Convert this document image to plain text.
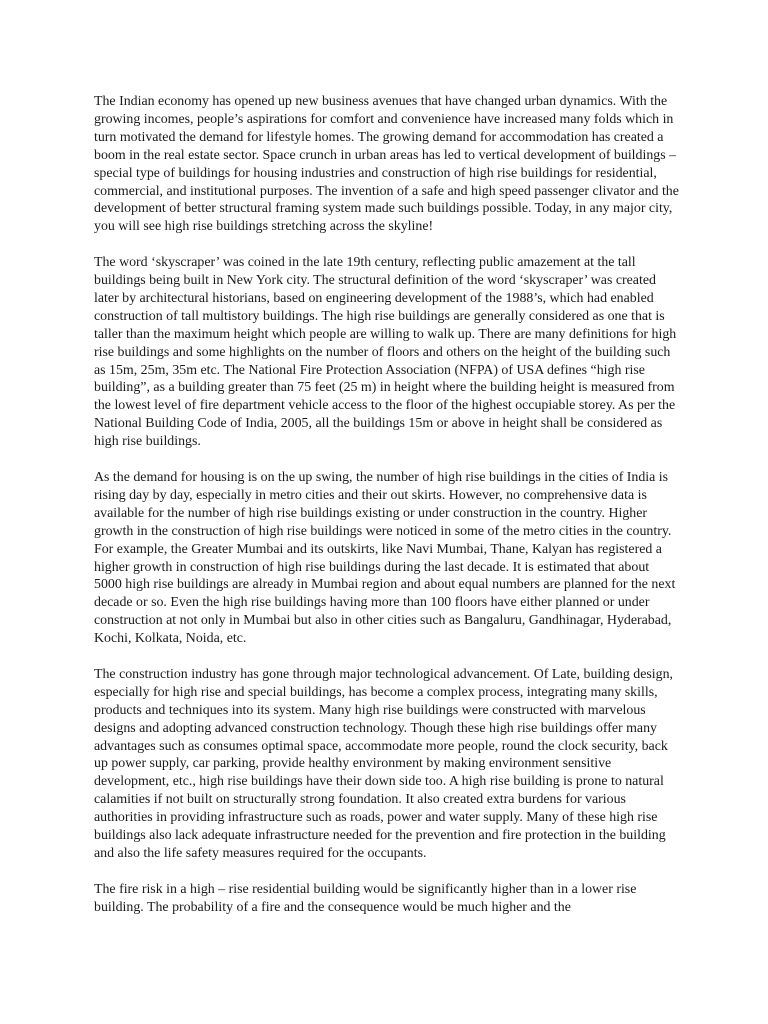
The Indian economy has opened up new business avenues that have changed urban dynamics. With the growing incomes, people’s aspirations for comfort and convenience have increased many folds which in turn motivated the demand for lifestyle homes. The growing demand for accommodation has created a boom in the real estate sector. Space crunch in urban areas has led to vertical development of buildings – special type of buildings for housing industries and construction of high rise buildings for residential, commercial, and institutional purposes. The invention of a safe and high speed passenger clivator and the development of better structural framing system made such buildings possible. Today, in any major city, you will see high rise buildings stretching across the skyline!

The word ‘skyscraper’ was coined in the late 19th century, reflecting public amazement at the tall buildings being built in New York city. The structural definition of the word ‘skyscraper’ was created later by architectural historians, based on engineering development of the 1988’s, which had enabled construction of tall multistory buildings. The high rise buildings are generally considered as one that is taller than the maximum height which people are willing to walk up. There are many definitions for high rise buildings and some highlights on the number of floors and others on the height of the building such as 15m, 25m, 35m etc. The National Fire Protection Association (NFPA) of USA defines “high rise building”, as a building greater than 75 feet (25 m) in height where the building height is measured from the lowest level of fire department vehicle access to the floor of the highest occupiable storey. As per the National Building Code of India, 2005, all the buildings 15m or above in height shall be considered as high rise buildings.

As the demand for housing is on the up swing, the number of high rise buildings in the cities of India is rising day by day, especially in metro cities and their out skirts. However, no comprehensive data is available for the number of high rise buildings existing or under construction in the country. Higher growth in the construction of high rise buildings were noticed in some of the metro cities in the country. For example, the Greater Mumbai and its outskirts, like Navi Mumbai, Thane, Kalyan has registered a higher growth in construction of high rise buildings during the last decade. It is estimated that about 5000 high rise buildings are already in Mumbai region and about equal numbers are planned for the next decade or so. Even the high rise buildings having more than 100 floors have either planned or under construction at not only in Mumbai but also in other cities such as Bangaluru, Gandhinagar, Hyderabad, Kochi, Kolkata, Noida, etc.

The construction industry has gone through major technological advancement. Of Late, building design, especially for high rise and special buildings, has become a complex process, integrating many skills, products and techniques into its system. Many high rise buildings were constructed with marvelous designs and adopting advanced construction technology. Though these high rise buildings offer many advantages such as consumes optimal space, accommodate more people, round the clock security, back up power supply, car parking, provide healthy environment by making environment sensitive development, etc., high rise buildings have their down side too. A high rise building is prone to natural calamities if not built on structurally strong foundation. It also created extra burdens for various authorities in providing infrastructure such as roads, power and water supply. Many of these high rise buildings also lack adequate infrastructure needed for the prevention and fire protection in the building and also the life safety measures required for the occupants.

The fire risk in a high – rise residential building would be significantly higher than in a lower rise building. The probability of a fire and the consequence would be much higher and the
